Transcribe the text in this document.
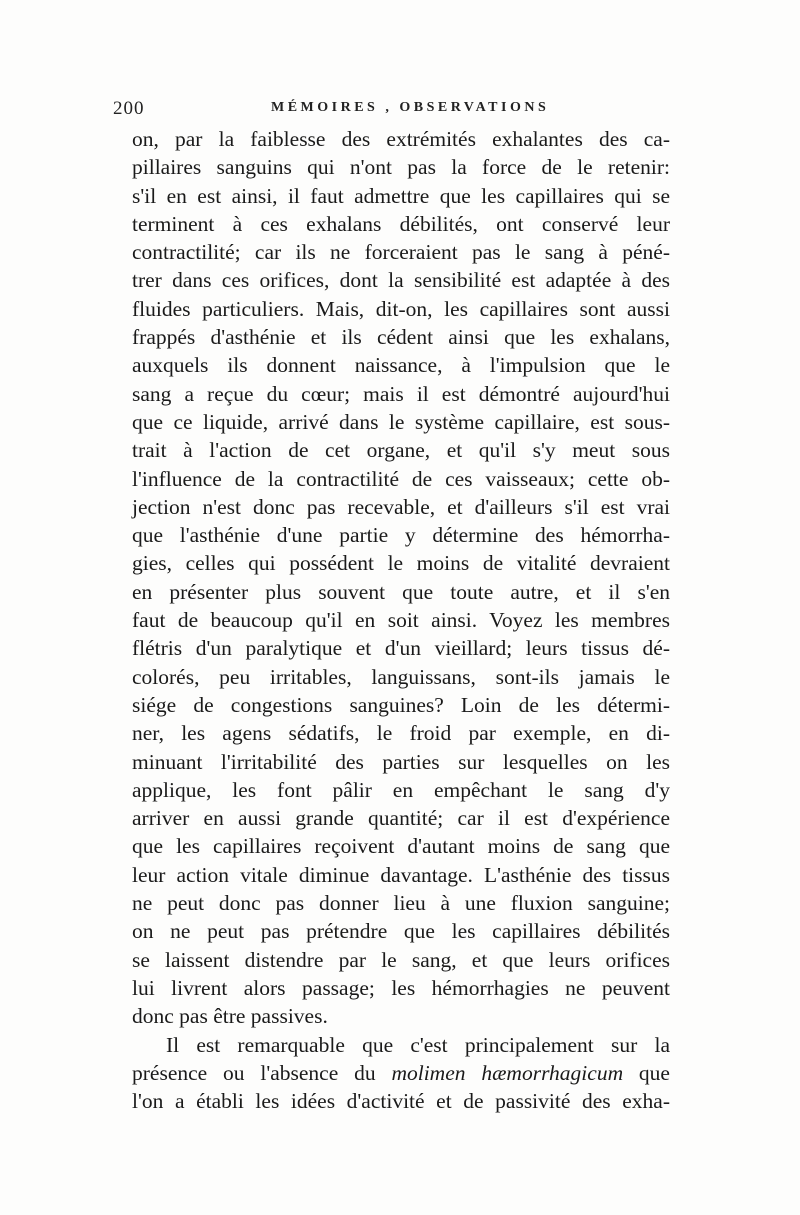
200	MÉMOIRES , OBSERVATIONS
on, par la faiblesse des extrémités exhalantes des ca-
pillaires sanguins qui n'ont pas la force de le retenir:
s'il en est ainsi, il faut admettre que les capillaires qui se
terminent à ces exhalans débilités, ont conservé leur
contractilité; car ils ne forceraient pas le sang à péné-
trer dans ces orifices, dont la sensibilité est adaptée à des
fluides particuliers. Mais, dit-on, les capillaires sont aussi
frappés d'asthénie et ils cédent ainsi que les exhalans,
auxquels ils donnent naissance, à l'impulsion que le
sang a reçue du cœur; mais il est démontré aujourd'hui
que ce liquide, arrivé dans le système capillaire, est sous-
trait à l'action de cet organe, et qu'il s'y meut sous
l'influence de la contractilité de ces vaisseaux; cette ob-
jection n'est donc pas recevable, et d'ailleurs s'il est vrai
que l'asthénie d'une partie y détermine des hémorrha-
gies, celles qui possédent le moins de vitalité devraient
en présenter plus souvent que toute autre, et il s'en
faut de beaucoup qu'il en soit ainsi. Voyez les membres
flétris d'un paralytique et d'un vieillard; leurs tissus dé-
colorés, peu irritables, languissans, sont-ils jamais le
siége de congestions sanguines? Loin de les détermi-
ner, les agens sédatifs, le froid par exemple, en di-
minuant l'irritabilité des parties sur lesquelles on les
applique, les font pâlir en empêchant le sang d'y
arriver en aussi grande quantité; car il est d'expérience
que les capillaires reçoivent d'autant moins de sang que
leur action vitale diminue davantage. L'asthénie des tissus
ne peut donc pas donner lieu à une fluxion sanguine;
on ne peut pas prétendre que les capillaires débilités
se laissent distendre par le sang, et que leurs orifices
lui livrent alors passage; les hémorrhagies ne peuvent
donc pas être passives.
Il est remarquable que c'est principalement sur la
présence ou l'absence du molimen hæmorrhagicum que
l'on a établi les idées d'activité et de passivité des exha-
